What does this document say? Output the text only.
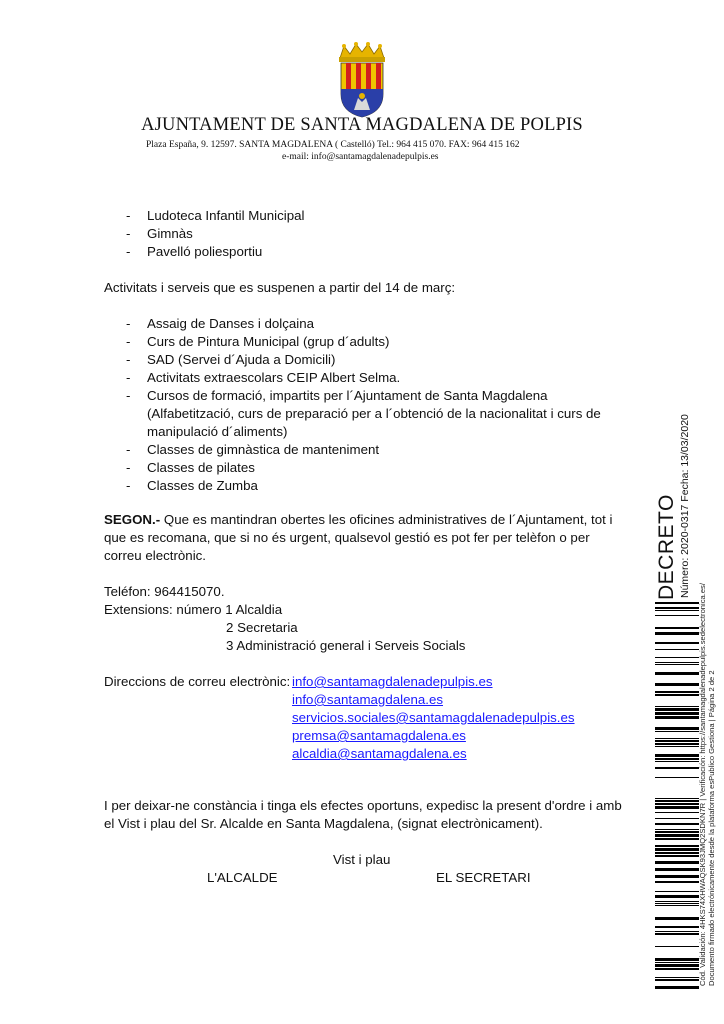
AJUNTAMENT DE SANTA MAGDALENA DE POLPIS
Plaza España, 9. 12597. SANTA MAGDALENA ( Castelló) Tel.: 964 415 070. FAX: 964 415 162
e-mail: info@santamagdalenadepulpis.es
- Ludoteca Infantil Municipal
- Gimnàs
- Pavelló poliesportiu
Activitats i serveis que es suspenen a partir del 14 de març:
- Assaig de Danses i dolçaina
- Curs de Pintura Municipal (grup d´adults)
- SAD (Servei d´Ajuda a Domicili)
- Activitats extraescolars CEIP Albert Selma.
- Cursos de formació, impartits per l´Ajuntament de Santa Magdalena
(Alfabetització, curs de preparació per a l´obtenció de la nacionalitat i curs de
manipulació d´aliments)
- Classes de gimnàstica de manteniment
- Classes de pilates
- Classes de Zumba
SEGON.- Que es mantindran obertes les oficines administratives de l´Ajuntament, tot i
que es recomana, que si no és urgent, qualsevol gestió es pot fer per telèfon o per
correu electrònic.
Teléfon: 964415070.
Extensions: número 1 Alcaldia
2 Secretaria
3 Administració general i Serveis Socials
Direccions de correu electrònic: info@santamagdalenadepulpis.es
info@santamagdalena.es
servicios.sociales@santamagdalenadepulpis.es
premsa@santamagdalena.es
alcaldia@santamagdalena.es
I per deixar-ne constància i tinga els efectes oportuns, expedisc la present d'ordre i amb
el Vist i plau del Sr. Alcalde en Santa Magdalena, (signat electrònicament).
Vist i plau
L'ALCALDE	EL SECRETARI
DECRETO Número: 2020-0317 Fecha: 13/03/2020
Cód. Validación: 4HKS74XHWAQSK93JMQ2SDKN7R | Verificación: https://santamagdalenadepulpis.sedelectronica.es/ Documento firmado electrónicamente desde la plataforma esPublico Gestiona | Página 2 de 2
